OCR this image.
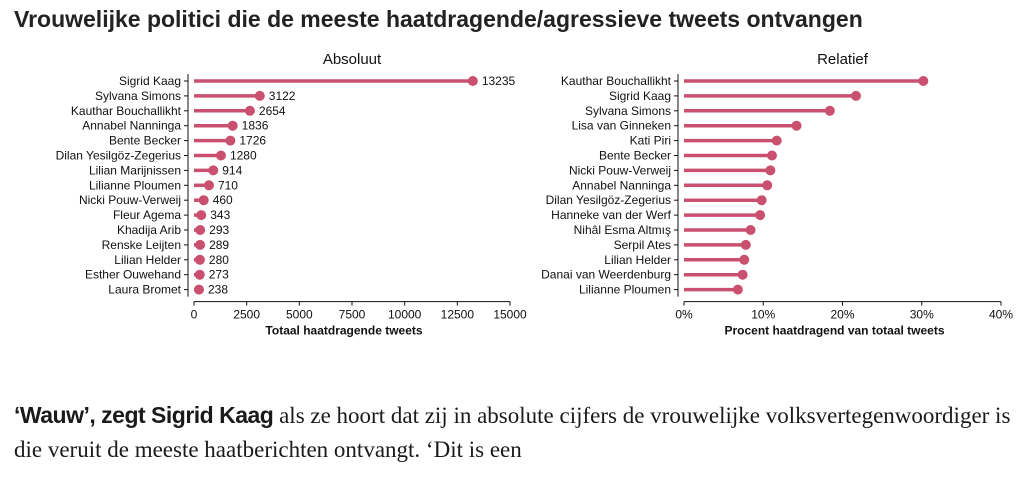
Vrouwelijke politici die de meeste haatdragende/agressieve tweets ontvangen
Absoluut
0	2500 5000 7500 10000 12500 15000
Totaal haatdragende tweets
Sigrid Kaag	13235
Sylvana Simons	3122
Kauthar Bouchallikht	2654
Annabel Nanninga	1836
Bente Becker	1726
Dilan Yesilgöz-Zegerius	1280
Lilian Marijnissen	914
Lilianne Ploumen	710
Nicki Pouw-Verweij	460
Fleur Agema 343
Khadija Arib 293
Renske Leijten 289
Lilian Helder 280
Esther Ouwehand 273
Laura Bromet 238
Relatief
0%	10%	20%	30%	40%
Procent haatdragend van totaal tweets
Kauthar Bouchallikht
Sigrid Kaag
Sylvana Simons
Lisa van Ginneken
Kati Piri
Bente Becker
Nicki Pouw-Verweij
Annabel Nanninga
Dilan Yesilgöz-Zegerius
Hanneke van der Werf
Nihâl Esma Altmış
Serpil Ates
Lilian Helder
Danai van Weerdenburg
Lilianne Ploumen

‘Wauw’, zegt Sigrid Kaag als ze hoort dat zij in absolute cijfers de vrouwelijke volksvertegenwoordiger is die veruit de meeste haatberichten ontvangt. ‘Dit is een
